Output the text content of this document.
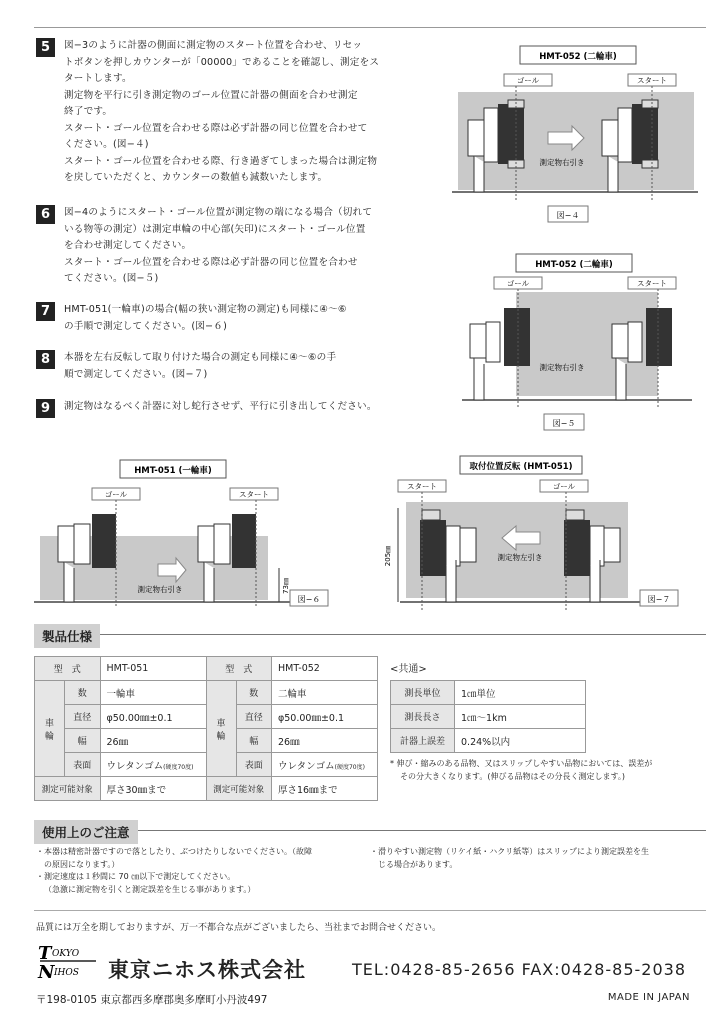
5	図−3のように計器の側面に測定物のスタート位置を合わせ、リセッ

トボタンを押しカウンターが「00000」であることを確認し、測定をス

タートします。

測定物を平行に引き測定物のゴール位置に計器の側面を合わせ測定

終了です。

スタート・ゴール位置を合わせる際は必ず計器の同じ位置を合わせて

ください。(図−４)

スタート・ゴール位置を合わせる際、行き過ぎてしまった場合は測定物

を戻していただくと、カウンターの数値も減数いたします。

6	図−4のようにスタート・ゴール位置が測定物の端になる場合（切れて

いる物等の測定）は測定車輪の中心部(矢印)にスタート・ゴール位置

を合わせ測定してください。

スタート・ゴール位置を合わせる際は必ず計器の同じ位置を合わせ

てください。(図−５)

7	HMT-051(一輪車)の場合(幅の狭い測定物の測定)も同様に④〜⑥

の手順で測定してください。(図−６)

8	本器を左右反転して取り付けた場合の測定も同様に④〜⑥の手

順で測定してください。(図−７)

9	測定物はなるべく計器に対し蛇行させず、平行に引き出してください。

HMT-052 (二輪車)
ゴール	スタート
測定物右引き
図−４
HMT-052 (二輪車)
ゴール	スタート
測定物右引き
図−５
HMT-051 (一輪車)
ゴール	スタート
測定物右引き	73㎜
図−６
取付位置反転 (HMT-051)
スタート	ゴール
測定物左引き
205㎜
図−７
製品仕様
型　式		HMT-051	型　式		HMT-052
車輪	数	一輪車	車輪	数	二輪車
	直径	φ50.00㎜±0.1		直径	φ50.00㎜±0.1
	幅	26㎜		幅	26㎜
	表面	ウレタンゴム(硬度70度)		表面	ウレタンゴム(硬度70度)
測定可能対象		厚さ30㎜まで	測定可能対象		厚さ16㎜まで
<共通>
測長単位	1㎝単位
測長長さ	1㎝〜1km
計器上誤差	0.24%以内
* 伸び・縮みのある品物、又はスリップしやすい品物においては、誤差が
その分大きくなります。(伸びる品物はその分長く測定します。)
使用上のご注意
・本器は精密計器ですので落としたり、ぶつけたりしないでください。（故障
の原因になります。）
・測定速度は１秒間に 70 ㎝以下で測定してください。
（急激に測定物を引くと測定誤差を生じる事があります。）
・滑りやすい測定物（リケイ紙・ハクリ紙等）はスリップにより測定誤差を生
じる場合があります。
品質には万全を期しておりますが、万一不都合な点がございましたら、当社までお問合せください。
T OKYO
N IHOS 東京ニホス株式会社	TEL:0428-85-2656 FAX:0428-85-2038
〒198-0105 東京都西多摩郡奥多摩町小丹波497	MADE IN JAPAN
